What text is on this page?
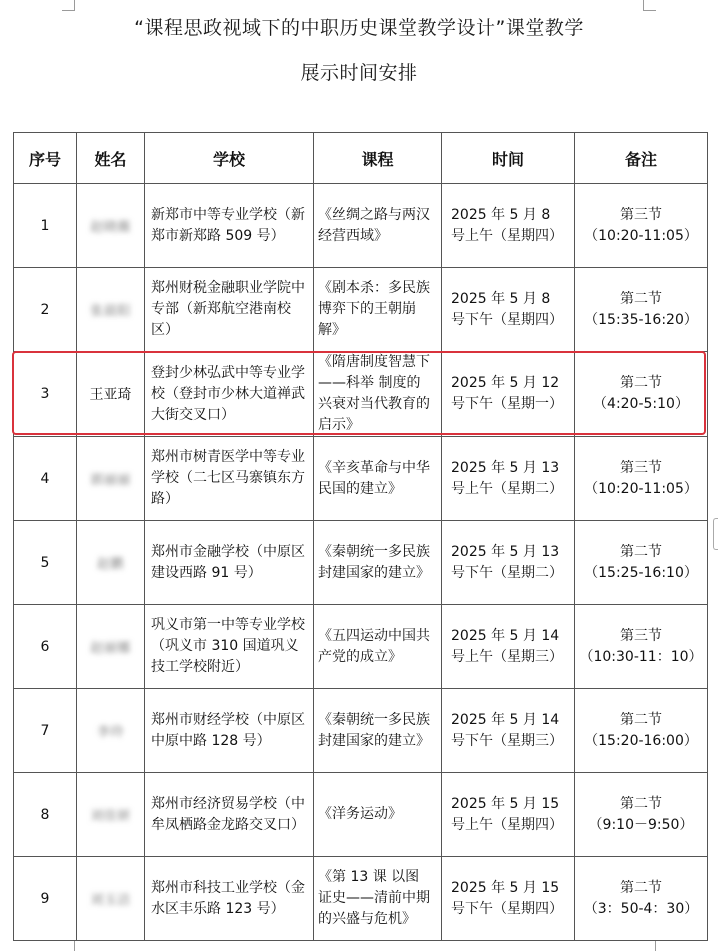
“课程思政视域下的中职历史课堂教学设计”课堂教学
展示时间安排
序号	姓名	学校	课程	时间	备注
1	赵晓薇	新郑市中等专业学校（新郑市新郑路 509 号）	《丝绸之路与两汉经营西域》	2025 年 5 月 8 号上午（星期四）	第三节
（10:20-11:05）

2	张晨阳	郑州财税金融职业学院中专部（新郑航空港南校区）	《剧本杀：多民族博弈下的王朝崩解》	2025 年 5 月 8 号下午（星期四）	第二节
（15:35-16:20）

3	王亚琦	登封少林弘武中等专业学校（登封市少林大道禅武大街交叉口）	《隋唐制度智慧下——科举 制度的兴衰对当代教育的启示》	2025 年 5 月 12 号下午（星期一）	第二节
（4:20-5:10）

4	郭丽丽	郑州市树青医学中等专业学校（二七区马寨镇东方路）	《辛亥革命与中华民国的建立》	2025 年 5 月 13 号上午（星期二）	第三节
（10:20-11:05）

5	赵鹏	郑州市金融学校（中原区建设西路 91 号）	《秦朝统一多民族封建国家的建立》	2025 年 5 月 13 号下午（星期二）	第二节
（15:25-16:10）

6	赵丽娜	巩义市第一中等专业学校（巩义市 310 国道巩义技工学校附近）	《五四运动中国共产党的成立》	2025 年 5 月 14 号上午（星期三）	第三节
（10:30-11：10）

7	李玲	郑州市财经学校（中原区中原中路 128 号）	《秦朝统一多民族封建国家的建立》	2025 年 5 月 14 号下午（星期三）	第二节
（15:20-16:00）

8	刘佳妍	郑州市经济贸易学校（中牟凤栖路金龙路交叉口）	《洋务运动》	2025 年 5 月 15 号上午（星期四）	第二节
（9:10－9:50）

9	刘玉洁	郑州市科技工业学校（金水区丰乐路 123 号）	《第 13 课 以图证史——清前中期的兴盛与危机》	2025 年 5 月 15 号下午（星期四）	第二节
（3：50-4：30）
